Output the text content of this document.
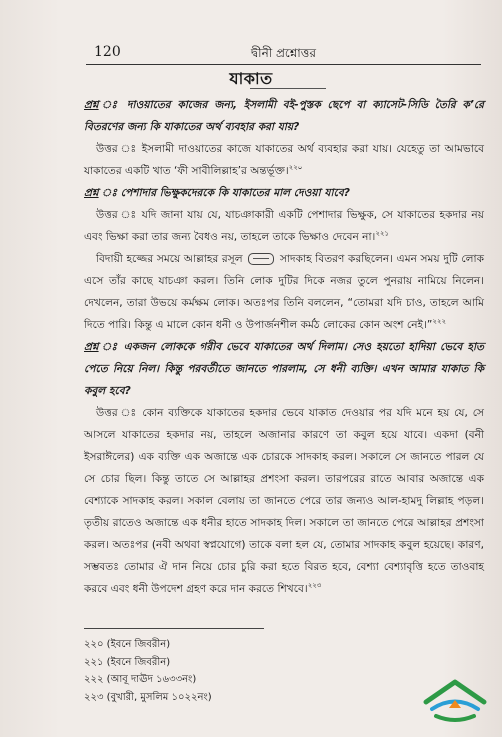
120	দ্বীনী প্রশ্নোত্তর
যাকাত

প্রশ্ন ঃ দাওয়াতের কাজের জন্য, ইসলামী বই-পুস্তক ছেপে বা ক্যাসেট-সিডি তৈরি ক’রে বিতরণের জন্য কি যাকাতের অর্থ ব্যবহার করা যায়?

উত্তর ঃ ইসলামী দাওয়াতের কাজে যাকাতের অর্থ ব্যবহার করা যায়। যেহেতু তা আমভাবে যাকাতের একটি খাত ‘ফী সাবীলিল্লাহ’র অন্তর্ভূক্ত।$^{২২০}$

প্রশ্ন ঃ পেশাদার ভিক্ষুকদেরকে কি যাকাতের মাল দেওয়া যাবে?

উত্তর ঃ যদি জানা যায় যে, যাচঞাকারী একটি পেশাদার ভিক্ষুক, সে যাকাতের হকদার নয় এবং ভিক্ষা করা তার জন্য বৈধও নয়, তাহলে তাকে ভিক্ষাও দেবেন না।$^{২২১}$

বিদায়ী হজ্জের সময়ে আল্লাহর রসূল	সাদকাহ বিতরণ করছিলেন। এমন সময় দুটি লোক এসে তাঁর কাছে যাচঞা করল। তিনি লোক দুটির দিকে নজর তুলে পুনরায় নামিয়ে নিলেন। দেখলেন, তারা উভয়ে কর্মক্ষম লোক। অতঃপর তিনি বললেন, “তোমরা যদি চাও, তাহলে আমি দিতে পারি। কিন্তু এ মালে কোন ধনী ও উপার্জনশীল কর্মঠ লোকের কোন অংশ নেই।”$^{২২২}$

প্রশ্ন ঃ একজন লোককে গরীব ভেবে যাকাতের অর্থ দিলাম। সেও হয়তো হাদিয়া ভেবে হাত পেতে নিয়ে নিল। কিন্তু পরবর্তীতে জানতে পারলাম, সে ধনী ব্যক্তি। এখন আমার যাকাত কি কবুল হবে?

উত্তর ঃ কোন ব্যক্তিকে যাকাতের হকদার ভেবে যাকাত দেওয়ার পর যদি মনে হয় যে, সে আসলে যাকাতের হকদার নয়, তাহলে অজানার কারণে তা কবুল হয়ে যাবে। একদা (বনী ইসরাঈলের) এক ব্যক্তি এক অজান্তে এক চোরকে সাদকাহ করল। সকালে সে জানতে পারল যে সে চোর ছিল। কিন্তু তাতে সে আল্লাহর প্রশংসা করল। তারপরের রাতে আবার অজান্তে এক বেশ্যাকে সাদকাহ করল। সকাল বেলায় তা জানতে পেরে তার জন্যও আল-হামদু লিল্লাহ পড়ল। তৃতীয় রাতেও অজান্তে এক ধনীর হাতে সাদকাহ দিল। সকালে তা জানতে পেরে আল্লাহর প্রশংসা করল। অতঃপর (নবী অথবা স্বপ্নযোগে) তাকে বলা হল যে, তোমার সাদকাহ কবুল হয়েছে। কারণ, সম্ভবতঃ তোমার ঐ দান নিয়ে চোর চুরি করা হতে বিরত হবে, বেশ্যা বেশ্যাবৃত্তি হতে তাওবাহ করবে এবং ধনী উপদেশ গ্রহণ করে দান করতে শিখবে।$^{২২৩}$

২২০ (ইবনে জিবরীন)
২২১ (ইবনে জিবরীন)
২২২ (আবূ দাঊদ ১৬৩৩নং)
২২৩ (বুখারী, মুসলিম ১০২২নং)
